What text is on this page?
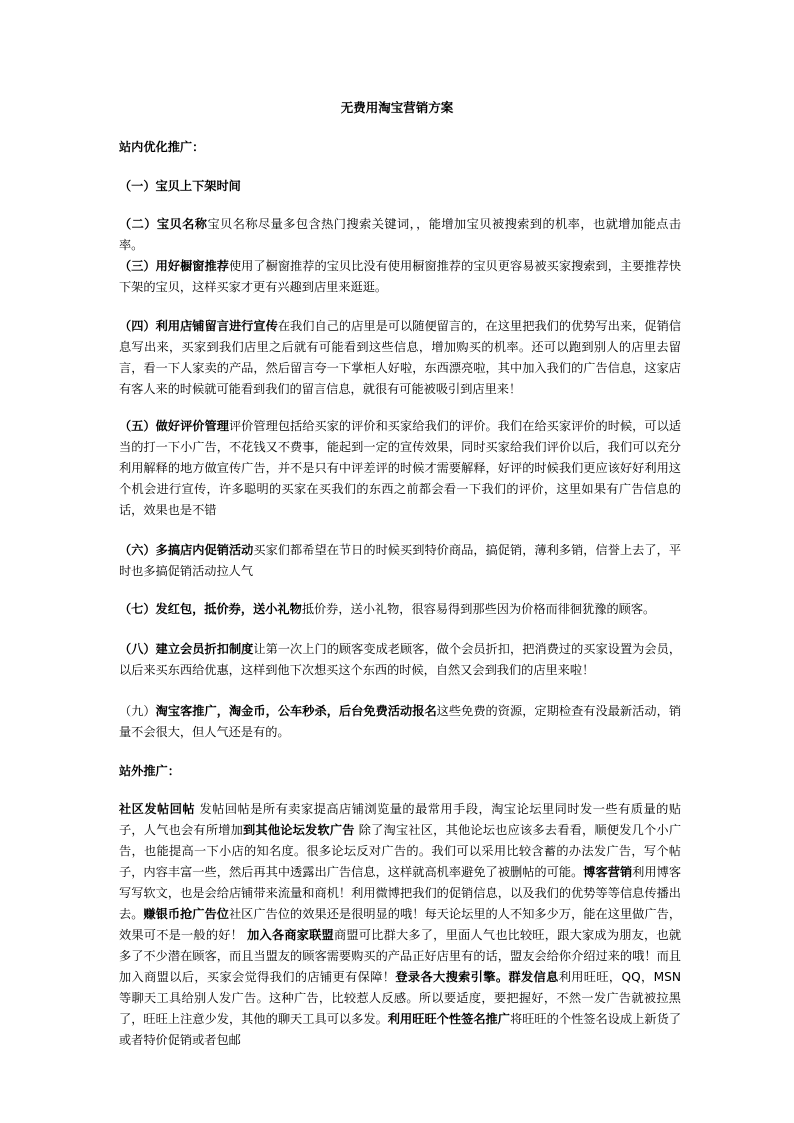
无费用淘宝营销方案

站内优化推广：

（一）宝贝上下架时间

（二）宝贝名称宝贝名称尽量多包含热门搜索关键词，，能增加宝贝被搜索到的机率，也就增加能点击率。

（三）用好橱窗推荐使用了橱窗推荐的宝贝比没有使用橱窗推荐的宝贝更容易被买家搜索到，主要推荐快下架的宝贝，这样买家才更有兴趣到店里来逛逛。

（四）利用店铺留言进行宣传在我们自己的店里是可以随便留言的，在这里把我们的优势写出来，促销信息写出来，买家到我们店里之后就有可能看到这些信息，增加购买的机率。还可以跑到别人的店里去留言，看一下人家卖的产品，然后留言夸一下掌柜人好啦，东西漂亮啦，其中加入我们的广告信息，这家店有客人来的时候就可能看到我们的留言信息，就很有可能被吸引到店里来！

（五）做好评价管理评价管理包括给买家的评价和买家给我们的评价。我们在给买家评价的时候，可以适当的打一下小广告，不花钱又不费事，能起到一定的宣传效果，同时买家给我们评价以后，我们可以充分利用解释的地方做宣传广告，并不是只有中评差评的时候才需要解释，好评的时候我们更应该好好利用这个机会进行宣传，许多聪明的买家在买我们的东西之前都会看一下我们的评价，这里如果有广告信息的话，效果也是不错

（六）多搞店内促销活动买家们都希望在节日的时候买到特价商品，搞促销，薄利多销，信誉上去了，平时也多搞促销活动拉人气

（七）发红包，抵价券，送小礼物抵价券，送小礼物，很容易得到那些因为价格而徘徊犹豫的顾客。

（八）建立会员折扣制度让第一次上门的顾客变成老顾客，做个会员折扣，把消费过的买家设置为会员，以后来买东西给优惠，这样到他下次想买这个东西的时候，自然又会到我们的店里来啦！

（九）淘宝客推广，淘金币，公车秒杀，后台免费活动报名这些免费的资源，定期检查有没最新活动，销量不会很大，但人气还是有的。

站外推广：

社区发帖回帖 发帖回帖是所有卖家提高店铺浏览量的最常用手段，淘宝论坛里同时发一些有质量的贴子，人气也会有所增加到其他论坛发软广告 除了淘宝社区，其他论坛也应该多去看看，顺便发几个小广告，也能提高一下小店的知名度。很多论坛反对广告的。我们可以采用比较含蓄的办法发广告，写个帖子，内容丰富一些，然后再其中透露出广告信息，这样就高机率避免了被删帖的可能。博客营销利用博客写写软文，也是会给店铺带来流量和商机！利用微博把我们的促销信息，以及我们的优势等等信息传播出去。赚银币抢广告位社区广告位的效果还是很明显的哦！每天论坛里的人不知多少万，能在这里做广告，效果可不是一般的好！ 加入各商家联盟商盟可比群大多了，里面人气也比较旺，跟大家成为朋友，也就多了不少潜在顾客，而且当盟友的顾客需要购买的产品正好店里有的话，盟友会给你介绍过来的哦！而且加入商盟以后，买家会觉得我们的店铺更有保障！登录各大搜索引擎。群发信息利用旺旺，QQ，MSN 等聊天工具给别人发广告。这种广告，比较惹人反感。所以要适度，要把握好，不然一发广告就被拉黑了，旺旺上注意少发，其他的聊天工具可以多发。利用旺旺个性签名推广将旺旺的个性签名设成上新货了或者特价促销或者包邮
